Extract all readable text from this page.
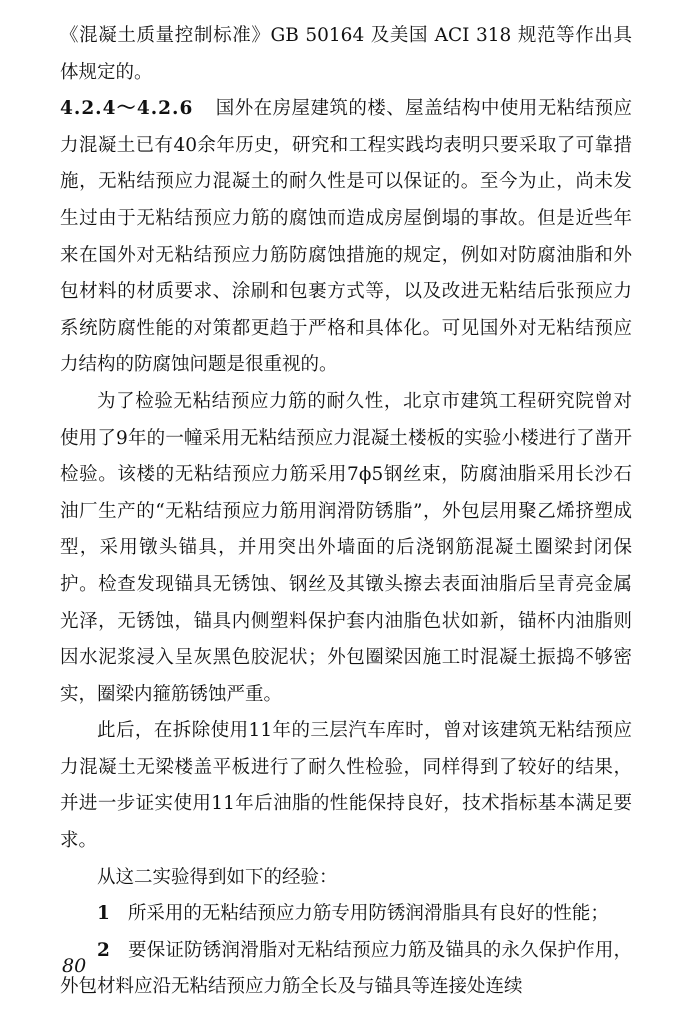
《混凝土质量控制标准》GB 50164 及美国 ACI 318 规范等作出具体规定的。

4.2.4～4.2.6 国外在房屋建筑的楼、屋盖结构中使用无粘结预应力混凝土已有40余年历史，研究和工程实践均表明只要采取了可靠措施，无粘结预应力混凝土的耐久性是可以保证的。至今为止，尚未发生过由于无粘结预应力筋的腐蚀而造成房屋倒塌的事故。但是近些年来在国外对无粘结预应力筋防腐蚀措施的规定，例如对防腐油脂和外包材料的材质要求、涂刷和包裹方式等，以及改进无粘结后张预应力系统防腐性能的对策都更趋于严格和具体化。可见国外对无粘结预应力结构的防腐蚀问题是很重视的。

为了检验无粘结预应力筋的耐久性，北京市建筑工程研究院曾对使用了9年的一幢采用无粘结预应力混凝土楼板的实验小楼进行了凿开检验。该楼的无粘结预应力筋采用7ϕ5钢丝束，防腐油脂采用长沙石油厂生产的“无粘结预应力筋用润滑防锈脂”，外包层用聚乙烯挤塑成型，采用镦头锚具，并用突出外墙面的后浇钢筋混凝土圈梁封闭保护。检查发现锚具无锈蚀、钢丝及其镦头擦去表面油脂后呈青亮金属光泽，无锈蚀，锚具内侧塑料保护套内油脂色状如新，锚杯内油脂则因水泥浆浸入呈灰黑色胶泥状；外包圈梁因施工时混凝土振捣不够密实，圈梁内箍筋锈蚀严重。

此后，在拆除使用11年的三层汽车库时，曾对该建筑无粘结预应力混凝土无梁楼盖平板进行了耐久性检验，同样得到了较好的结果，并进一步证实使用11年后油脂的性能保持良好，技术指标基本满足要求。

从这二实验得到如下的经验：

1 所采用的无粘结预应力筋专用防锈润滑脂具有良好的性能；

2 要保证防锈润滑脂对无粘结预应力筋及锚具的永久保护作用，外包材料应沿无粘结预应力筋全长及与锚具等连接处连续

80
